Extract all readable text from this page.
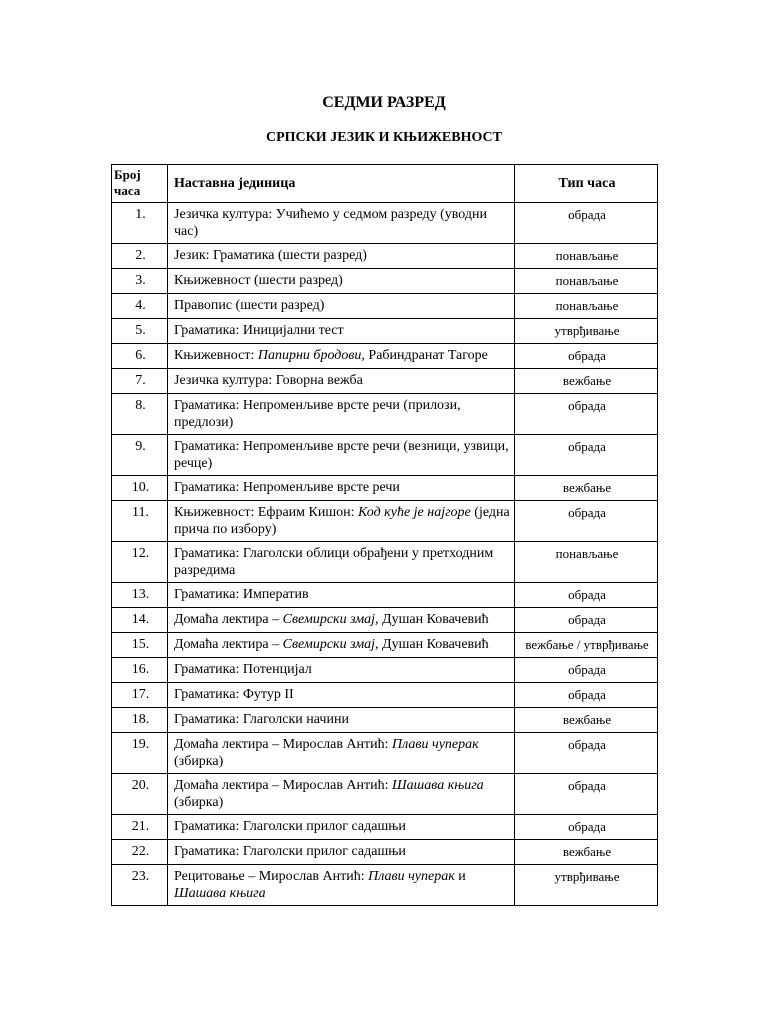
СЕДМИ РАЗРЕД
СРПСКИ ЈЕЗИК И КЊИЖЕВНОСТ
Број часа	Наставна јединица	Тип часа
1.	Језичка култура: Учићемо у седмом разреду (уводни час)	обрада
2.	Језик: Граматика (шести разред)	понављање
3.	Књижевност (шести разред)	понављање
4.	Правопис (шести разред)	понављање
5.	Граматика: Иницијални тест	утврђивање
6.	Књижевност: Папирни бродови, Рабиндранат Тагоре	обрада
7.	Језичка култура: Говорна вежба	вежбање
8.	Граматика: Непроменљиве врсте речи (прилози, предлози)	обрада
9.	Граматика: Непроменљиве врсте речи (везници, узвици, речце)	обрада
10.	Граматика: Непроменљиве врсте речи	вежбање
11.	Књижевност: Ефраим Кишон: Код куће је најгоре (једна прича по избору)	обрада
12.	Граматика: Глаголски облици обрађени у претходним разредима	понављање
13.	Граматика: Императив	обрада
14.	Домаћа лектира – Свемирски змај, Душан Ковачевић	обрада
15.	Домаћа лектира – Свемирски змај, Душан Ковачевић	вежбање / утврђивање
16.	Граматика: Потенцијал	обрада
17.	Граматика: Футур II	обрада
18.	Граматика: Глаголски начини	вежбање
19.	Домаћа лектира – Мирослав Антић: Плави чуперак (збирка)	обрада
20.	Домаћа лектира – Мирослав Антић: Шашава књига (збирка)	обрада
21.	Граматика: Глаголски прилог садашњи	обрада
22.	Граматика: Глаголски прилог садашњи	вежбање
23.	Рецитовање – Мирослав Антић: Плави чуперак и Шашава књига	утврђивање
